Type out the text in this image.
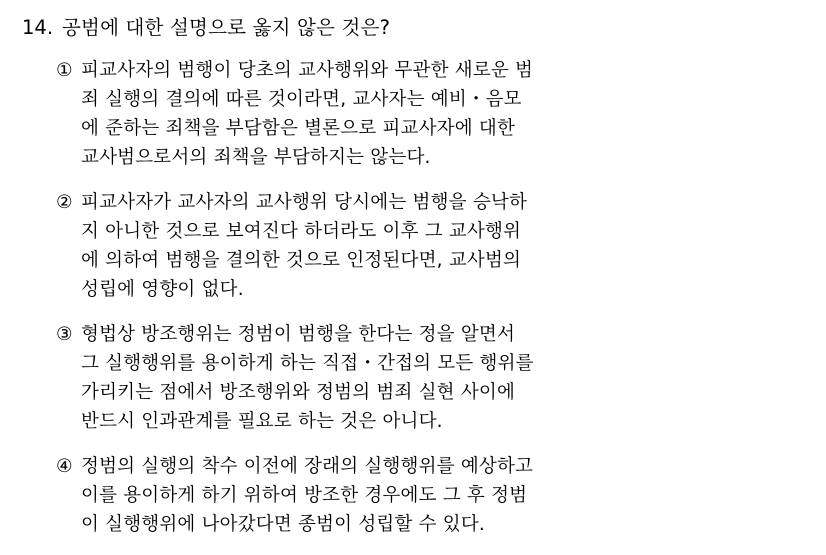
14. 공범에 대한 설명으로 옳지 않은 것은?
① 피교사자의 범행이 당초의 교사행위와 무관한 새로운 범
죄 실행의 결의에 따른 것이라면, 교사자는 예비・음모
에 준하는 죄책을 부담함은 별론으로 피교사자에 대한
교사범으로서의 죄책을 부담하지는 않는다.
② 피교사자가 교사자의 교사행위 당시에는 범행을 승낙하
지 아니한 것으로 보여진다 하더라도 이후 그 교사행위
에 의하여 범행을 결의한 것으로 인정된다면, 교사범의
성립에 영향이 없다.
③ 형법상 방조행위는 정범이 범행을 한다는 정을 알면서
그 실행행위를 용이하게 하는 직접・간접의 모든 행위를
가리키는 점에서 방조행위와 정범의 범죄 실현 사이에
반드시 인과관계를 필요로 하는 것은 아니다.
④ 정범의 실행의 착수 이전에 장래의 실행행위를 예상하고
이를 용이하게 하기 위하여 방조한 경우에도 그 후 정범
이 실행행위에 나아갔다면 종범이 성립할 수 있다.
